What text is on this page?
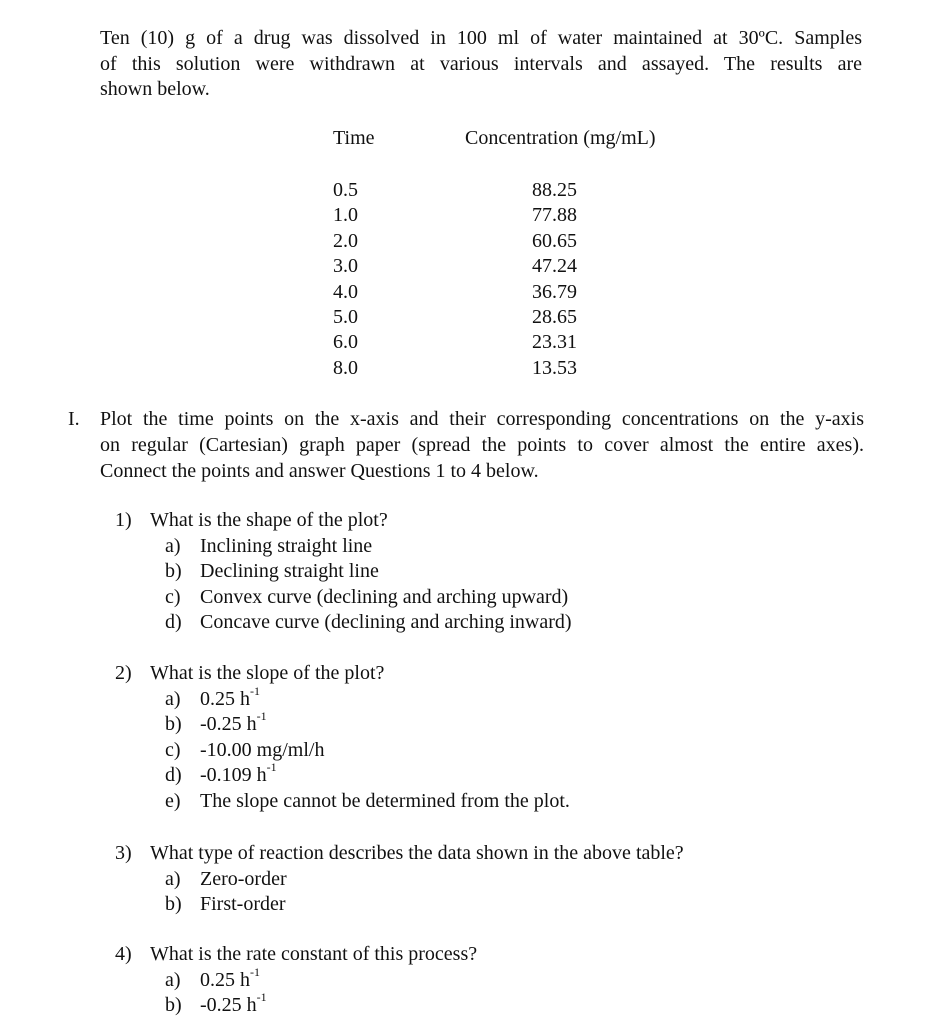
Ten (10) g of a drug was dissolved in 100 ml of water maintained at 30ºC. Samples
of this solution were withdrawn at various intervals and assayed. The results are
shown below.

Time	Concentration (mg/mL)
0.5
1.0
2.0
3.0
4.0
5.0
6.0
8.0
88.25
77.88
60.65
47.24
36.79
28.65
23.31
13.53
I. Plot the time points on the x-axis and their corresponding concentrations on the y-axis
on regular (Cartesian) graph paper (spread the points to cover almost the entire axes).
Connect the points and answer Questions 1 to 4 below.
1) What is the shape of the plot?
a) Inclining straight line
b) Declining straight line
c) Convex curve (declining and arching upward)
d) Concave curve (declining and arching inward)
2) What is the slope of the plot?
a) 0.25 $h^{-1}$
b) -0.25 $h^{-1}$
c) -10.00 mg/ml/h
d) -0.109 $h^{-1}$
e) The slope cannot be determined from the plot.
3) What type of reaction describes the data shown in the above table?
a) Zero-order
b) First-order
4) What is the rate constant of this process?
a) 0.25 $h^{-1}$
b) -0.25 $h^{-1}$
